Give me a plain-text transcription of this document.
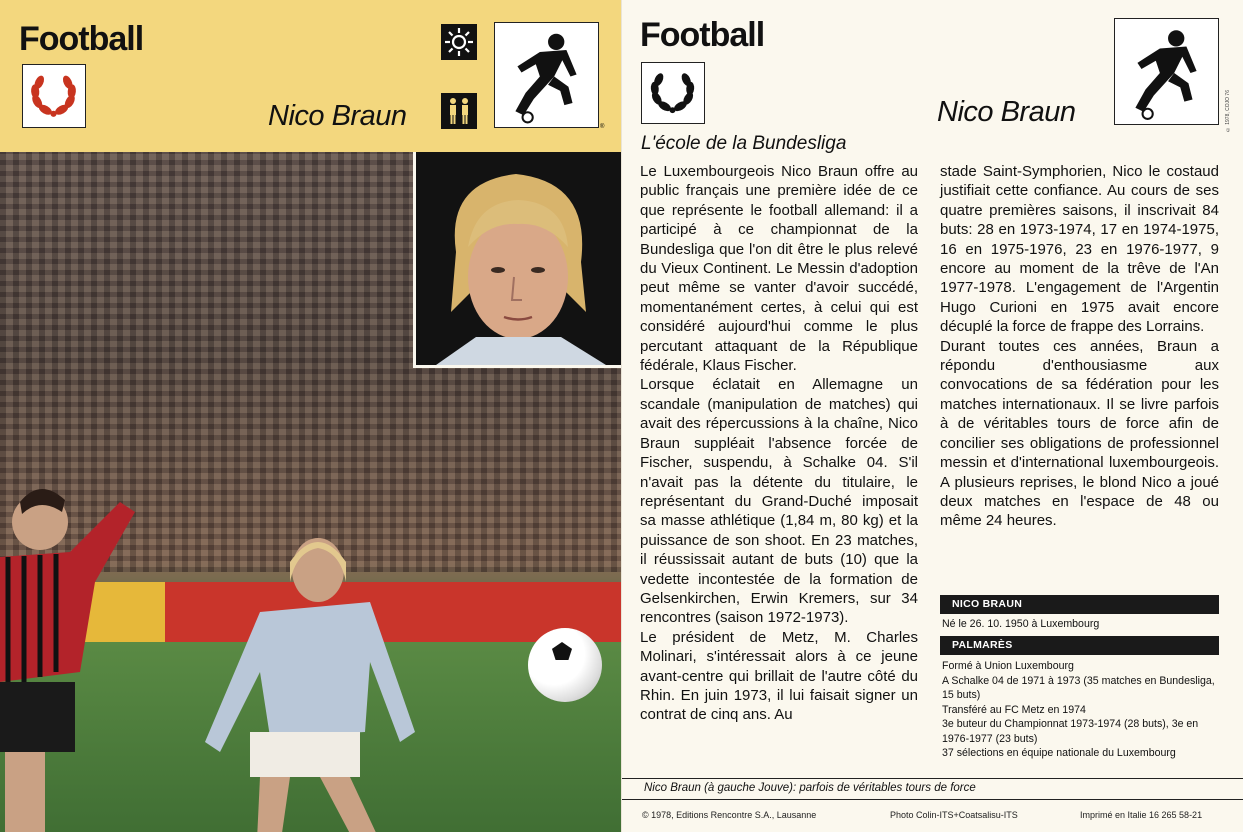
Football
®
Nico Braun
Football
© 1978, COJO 76
Nico Braun
L'école de la Bundesliga

Le Luxembourgeois Nico Braun offre au public français une première idée de ce que représente le football allemand: il a participé à ce championnat de la Bundesliga que l'on dit être le plus relevé du Vieux Continent. Le Messin d'adoption peut même se vanter d'avoir succédé, momentanément certes, à celui qui est considéré aujourd'hui comme le plus percutant attaquant de la République fédérale, Klaus Fischer.

Lorsque éclatait en Allemagne un scandale (manipulation de matches) qui avait des répercussions à la chaîne, Nico Braun suppléait l'absence forcée de Fischer, suspendu, à Schalke 04. S'il n'avait pas la détente du titulaire, le représentant du Grand-Duché imposait sa masse athlétique (1,84 m, 80 kg) et la puissance de son shoot. En 23 matches, il réussissait autant de buts (10) que la vedette incontestée de la formation de Gelsenkirchen, Erwin Kremers, sur 34 rencontres (saison 1972-1973).

Le président de Metz, M. Charles Molinari, s'intéressait alors à ce jeune avant-centre qui brillait de l'autre côté du Rhin. En juin 1973, il lui faisait signer un contrat de cinq ans. Au

stade Saint-Symphorien, Nico le costaud justifiait cette confiance. Au cours de ses quatre premières saisons, il inscrivait 84 buts: 28 en 1973-1974, 17 en 1974-1975, 16 en 1975-1976, 23 en 1976-1977, 9 encore au moment de la trêve de l'An 1977-1978. L'engagement de l'Argentin Hugo Curioni en 1975 avait encore décuplé la force de frappe des Lorrains.

Durant toutes ces années, Braun a répondu d'enthousiasme aux convocations de sa fédération pour les matches internationaux. Il se livre parfois à de véritables tours de force afin de concilier ses obligations de professionnel messin et d'international luxembourgeois. A plusieurs reprises, le blond Nico a joué deux matches en l'espace de 48 ou même 24 heures.

NICO BRAUN
Né le 26. 10. 1950 à Luxembourg
PALMARÈS
Formé à Union Luxembourg
A Schalke 04 de 1971 à 1973 (35 matches en Bundesliga, 15 buts)
Transféré au FC Metz en 1974
3e buteur du Championnat 1973-1974 (28 buts), 3e en 1976-1977 (23 buts)
37 sélections en équipe nationale du Luxembourg
Nico Braun (à gauche Jouve): parfois de véritables tours de force
© 1978, Editions Rencontre S.A., Lausanne	Photo Colin-ITS+Coatsalisu-ITS	Imprimé en Italie 16 265 58-21
